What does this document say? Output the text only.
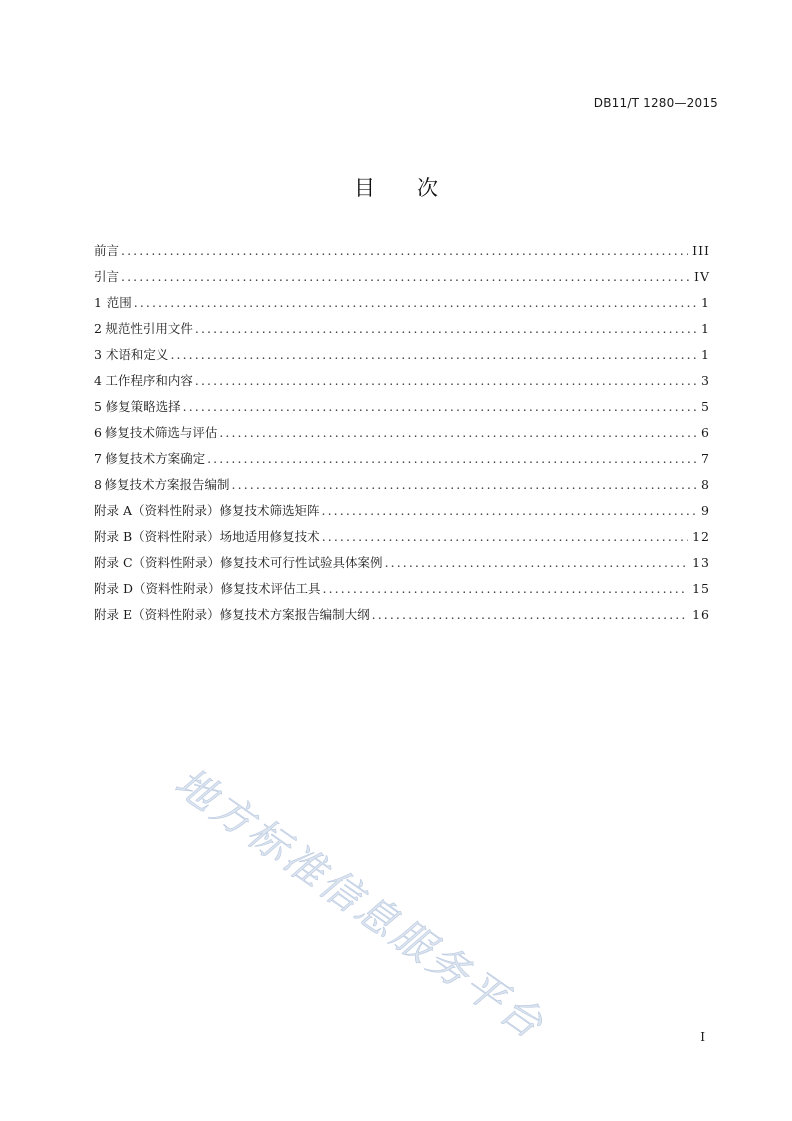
DB11/T 1280—2015
目次
前言 .....	III
引言 .....	IV
1 范围 .....	1
2 规范性引用文件 .....	1
3 术语和定义 .....	1
4 工作程序和内容 .....	3
5 修复策略选择 .....	5
6 修复技术筛选与评估 .....	6
7 修复技术方案确定 .....	7
8 修复技术方案报告编制 .....	8
附录 A（资料性附录） 修复技术筛选矩阵 .....	9
附录 B（资料性附录） 场地适用修复技术 .....	12
附录 C（资料性附录） 修复技术可行性试验具体案例 .....	13
附录 D（资料性附录） 修复技术评估工具 .....	15
附录 E（资料性附录） 修复技术方案报告编制大纲 .....	16
地方标准信息服务平台	I
